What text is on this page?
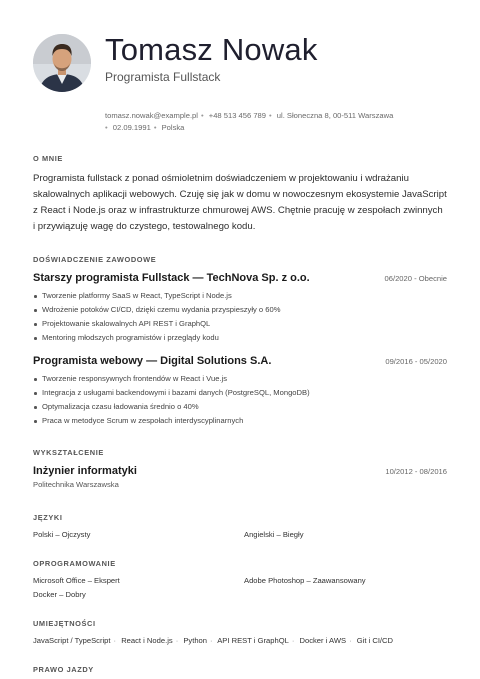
Tomasz Nowak
Programista Fullstack
tomasz.nowak@example.pl • +48 513 456 789 • ul. Słoneczna 8, 00-511 Warszawa
• 02.09.1991 • Polska
O MNIE
Programista fullstack z ponad ośmioletnim doświadczeniem w projektowaniu i wdrażaniu skalowalnych aplikacji webowych. Czuję się jak w domu w nowoczesnym ekosystemie JavaScript z React i Node.js oraz w infrastrukturze chmurowej AWS. Chętnie pracuję w zespołach zwinnych i przywiązuję wagę do czystego, testowalnego kodu.
DOŚWIADCZENIE ZAWODOWE
Starszy programista Fullstack — TechNova Sp. z o.o.	06/2020 - Obecnie
Tworzenie platformy SaaS w React, TypeScript i Node.js
Wdrożenie potoków CI/CD, dzięki czemu wydania przyspieszyły o 60%
Projektowanie skalowalnych API REST i GraphQL
Mentoring młodszych programistów i przeglądy kodu
Programista webowy — Digital Solutions S.A.	09/2016 - 05/2020
Tworzenie responsywnych frontendów w React i Vue.js
Integracja z usługami backendowymi i bazami danych (PostgreSQL, MongoDB)
Optymalizacja czasu ładowania średnio o 40%
Praca w metodyce Scrum w zespołach interdyscyplinarnych
WYKSZTAŁCENIE
Inżynier informatyki	10/2012 - 08/2016
Politechnika Warszawska
JĘZYKI
Polski – Ojczysty	Angielski – Biegły
OPROGRAMOWANIE
Microsoft Office – Ekspert	Adobe Photoshop – Zaawansowany
Docker – Dobry
UMIEJĘTNOŚCI
JavaScript / TypeScript · React i Node.js · Python · API REST i GraphQL · Docker i AWS · Git i CI/CD
PRAWO JAZDY
